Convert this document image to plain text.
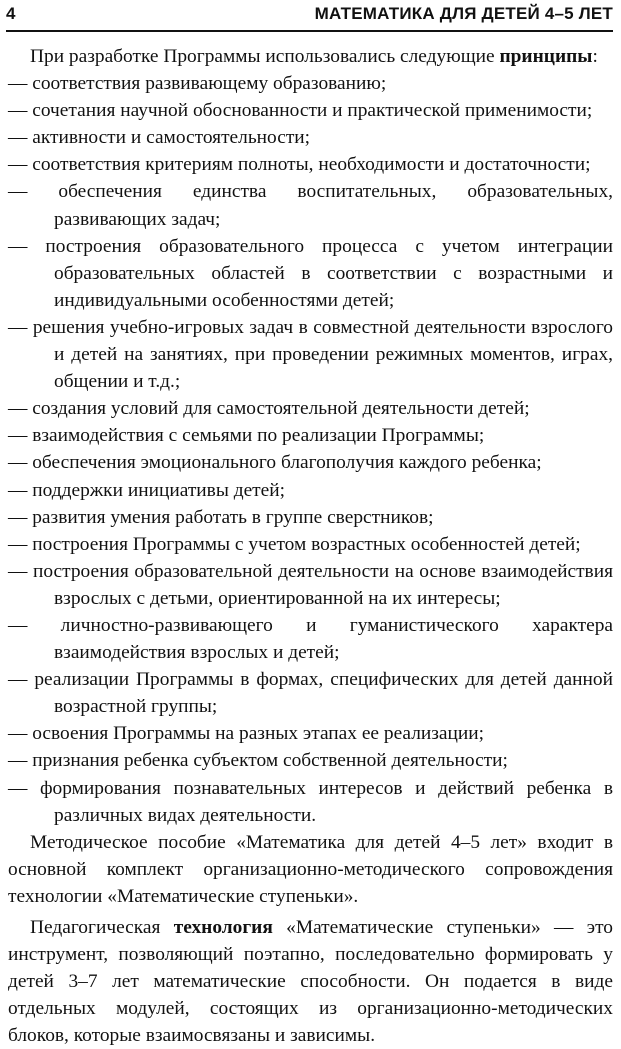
4	МАТЕМАТИКА ДЛЯ ДЕТЕЙ 4–5 ЛЕТ

При разработке Программы использовались следующие принципы:

— соответствия развивающему образованию;
— сочетания научной обоснованности и практической применимости;
— активности и самостоятельности;
— соответствия критериям полноты, необходимости и достаточности;
— обеспечения единства воспитательных, образовательных, развивающих задач;
— построения образовательного процесса с учетом интеграции образовательных областей в соответствии с возрастными и индивидуальными особенностями детей;
— решения учебно-игровых задач в совместной деятельности взрослого и детей на занятиях, при проведении режимных моментов, играх, общении и т.д.;
— создания условий для самостоятельной деятельности детей;
— взаимодействия с семьями по реализации Программы;
— обеспечения эмоционального благополучия каждого ребенка;
— поддержки инициативы детей;
— развития умения работать в группе сверстников;
— построения Программы с учетом возрастных особенностей детей;
— построения образовательной деятельности на основе взаимодействия взрослых с детьми, ориентированной на их интересы;
— личностно-развивающего и гуманистического характера взаимодействия взрослых и детей;
— реализации Программы в формах, специфических для детей данной возрастной группы;
— освоения Программы на разных этапах ее реализации;
— признания ребенка субъектом собственной деятельности;
— формирования познавательных интересов и действий ребенка в различных видах деятельности.

Методическое пособие «Математика для детей 4–5 лет» входит в основной комплект организационно-методического сопровождения технологии «Математические ступеньки».

Педагогическая технология «Математические ступеньки» — это инструмент, позволяющий поэтапно, последовательно формировать у детей 3–7 лет математические способности. Он подается в виде отдельных модулей, состоящих из организационно-методических блоков, которые взаимосвязаны и зависимы.
